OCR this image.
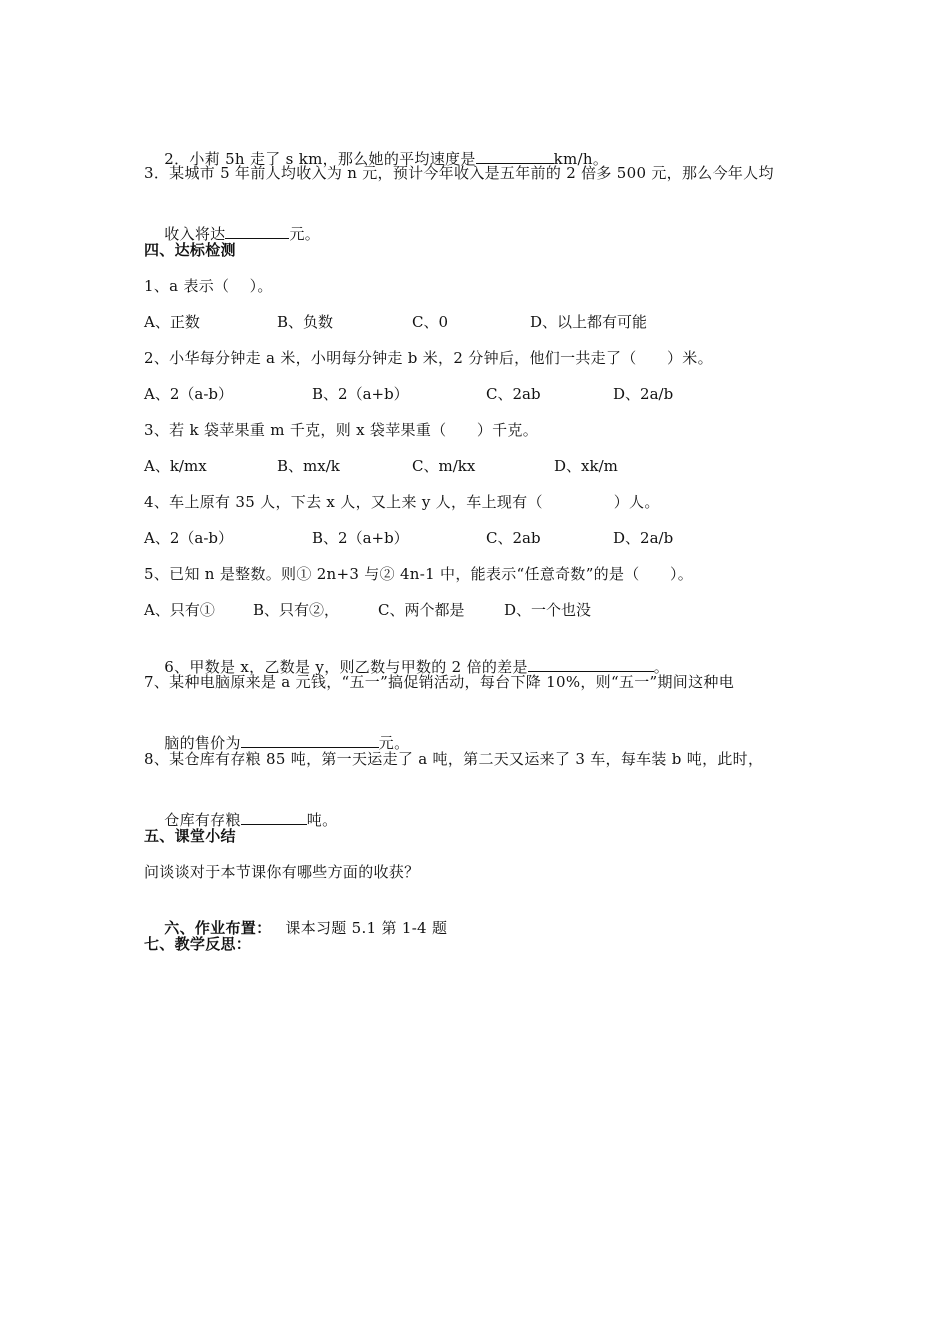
2．小莉 5h 走了 s km，那么她的平均速度是	km/h。

3．某城市 5 年前人均收入为 n 元，预计今年收入是五年前的 2 倍多 500 元，那么今年人均

收入将达	元。

四、达标检测
1、a 表示（    ）。
A、正数	B、负数	C、0	D、以上都有可能
2、小华每分钟走 a 米，小明每分钟走 b 米，2 分钟后，他们一共走了（      ）米。
A、2（a-b）	B、2（a+b）	C、2ab	D、2a/b
3、若 k 袋苹果重 m 千克，则 x 袋苹果重（      ）千克。
A、k/mx	B、mx/k	C、m/kx	D、xk/m
4、车上原有 35 人，下去 x 人，又上来 y 人，车上现有（              ）人。
A、2（a-b）	B、2（a+b）	C、2ab	D、2a/b
5、已知 n 是整数。则① 2n+3 与② 4n-1 中，能表示“任意奇数”的是（      ）。
A、只有①	B、只有②，	C、两个都是	D、一个也没

6、甲数是 x，乙数是 y，则乙数与甲数的 2 倍的差是	。

7、某种电脑原来是 a 元钱，“五一”搞促销活动，每台下降 10%，则“五一”期间这种电

脑的售价为	元。

8、某仓库有存粮 85 吨，第一天运走了 a 吨，第二天又运来了 3 车，每车装 b 吨，此时，

仓库有存粮	吨。

五、课堂小结
问谈谈对于本节课你有哪些方面的收获？

六、作业布置： 课本习题 5.1 第 1-4 题

七、教学反思：
